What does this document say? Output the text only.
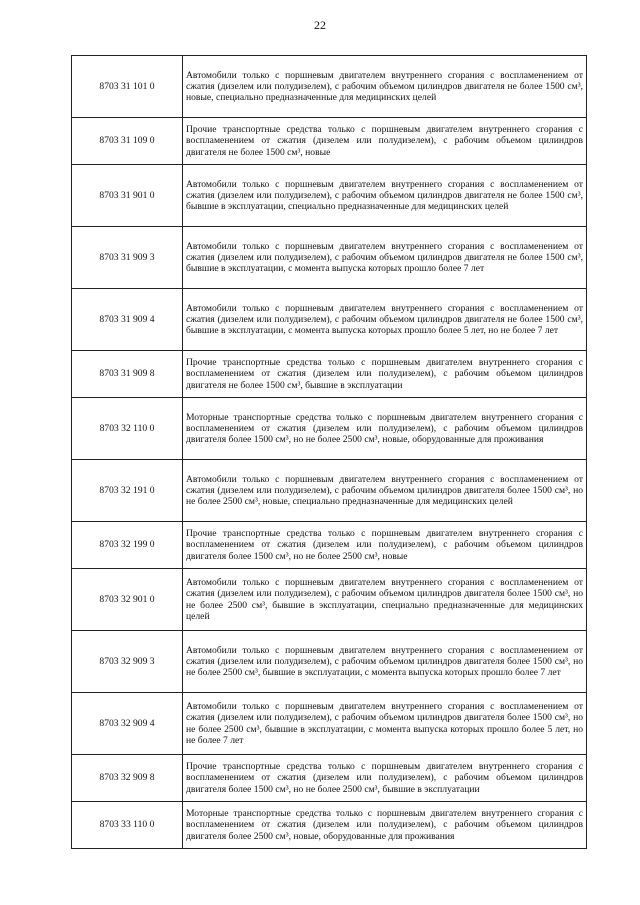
22
8703 31 101 0	Автомобили только с поршневым двигателем внутреннего сгорания с воспламенением от сжатия (дизелем или полудизелем), с рабочим объемом цилиндров двигателя не более 1500 см³, новые, специально предназначенные для медицинских целей
8703 31 109 0	Прочие транспортные средства только с поршневым двигателем внутреннего сгорания с воспламенением от сжатия (дизелем или полудизелем), с рабочим объемом цилиндров двигателя не более 1500 см³, новые
8703 31 901 0	Автомобили только с поршневым двигателем внутреннего сгорания с воспламенением от сжатия (дизелем или полудизелем), с рабочим объемом цилиндров двигателя не более 1500 см³, бывшие в эксплуатации, специально предназначенные для медицинских целей
8703 31 909 3	Автомобили только с поршневым двигателем внутреннего сгорания с воспламенением от сжатия (дизелем или полудизелем), с рабочим объемом цилиндров двигателя не более 1500 см³, бывшие в эксплуатации, с момента выпуска которых прошло более 7 лет
8703 31 909 4	Автомобили только с поршневым двигателем внутреннего сгорания с воспламенением от сжатия (дизелем или полудизелем), с рабочим объемом цилиндров двигателя не более 1500 см³, бывшие в эксплуатации, с момента выпуска которых прошло более 5 лет, но не более 7 лет
8703 31 909 8	Прочие транспортные средства только с поршневым двигателем внутреннего сгорания с воспламенением от сжатия (дизелем или полудизелем), с рабочим объемом цилиндров двигателя не более 1500 см³, бывшие в эксплуатации
8703 32 110 0	Моторные транспортные средства только с поршневым двигателем внутреннего сгорания с воспламенением от сжатия (дизелем или полудизелем), с рабочим объемом цилиндров двигателя более 1500 см³, но не более 2500 см³, новые, оборудованные для проживания
8703 32 191 0	Автомобили только с поршневым двигателем внутреннего сгорания с воспламенением от сжатия (дизелем или полудизелем), с рабочим объемом цилиндров двигателя более 1500 см³, но не более 2500 см³, новые, специально предназначенные для медицинских целей
8703 32 199 0	Прочие транспортные средства только с поршневым двигателем внутреннего сгорания с воспламенением от сжатия (дизелем или полудизелем), с рабочим объемом цилиндров двигателя более 1500 см³, но не более 2500 см³, новые
8703 32 901 0	Автомобили только с поршневым двигателем внутреннего сгорания с воспламенением от сжатия (дизелем или полудизелем), с рабочим объемом цилиндров двигателя более 1500 см³, но не более 2500 см³, бывшие в эксплуатации, специально предназначенные для медицинских целей
8703 32 909 3	Автомобили только с поршневым двигателем внутреннего сгорания с воспламенением от сжатия (дизелем или полудизелем), с рабочим объемом цилиндров двигателя более 1500 см³, но не более 2500 см³, бывшие в эксплуатации, с момента выпуска которых прошло более 7 лет
8703 32 909 4	Автомобили только с поршневым двигателем внутреннего сгорания с воспламенением от сжатия (дизелем или полудизелем), с рабочим объемом цилиндров двигателя более 1500 см³, но не более 2500 см³, бывшие в эксплуатации, с момента выпуска которых прошло более 5 лет, но не более 7 лет
8703 32 909 8	Прочие транспортные средства только с поршневым двигателем внутреннего сгорания с воспламенением от сжатия (дизелем или полудизелем), с рабочим объемом цилиндров двигателя более 1500 см³, но не более 2500 см³, бывшие в эксплуатации
8703 33 110 0	Моторные транспортные средства только с поршневым двигателем внутреннего сгорания с воспламенением от сжатия (дизелем или полудизелем), с рабочим объемом цилиндров двигателя более 2500 см³, новые, оборудованные для проживания
